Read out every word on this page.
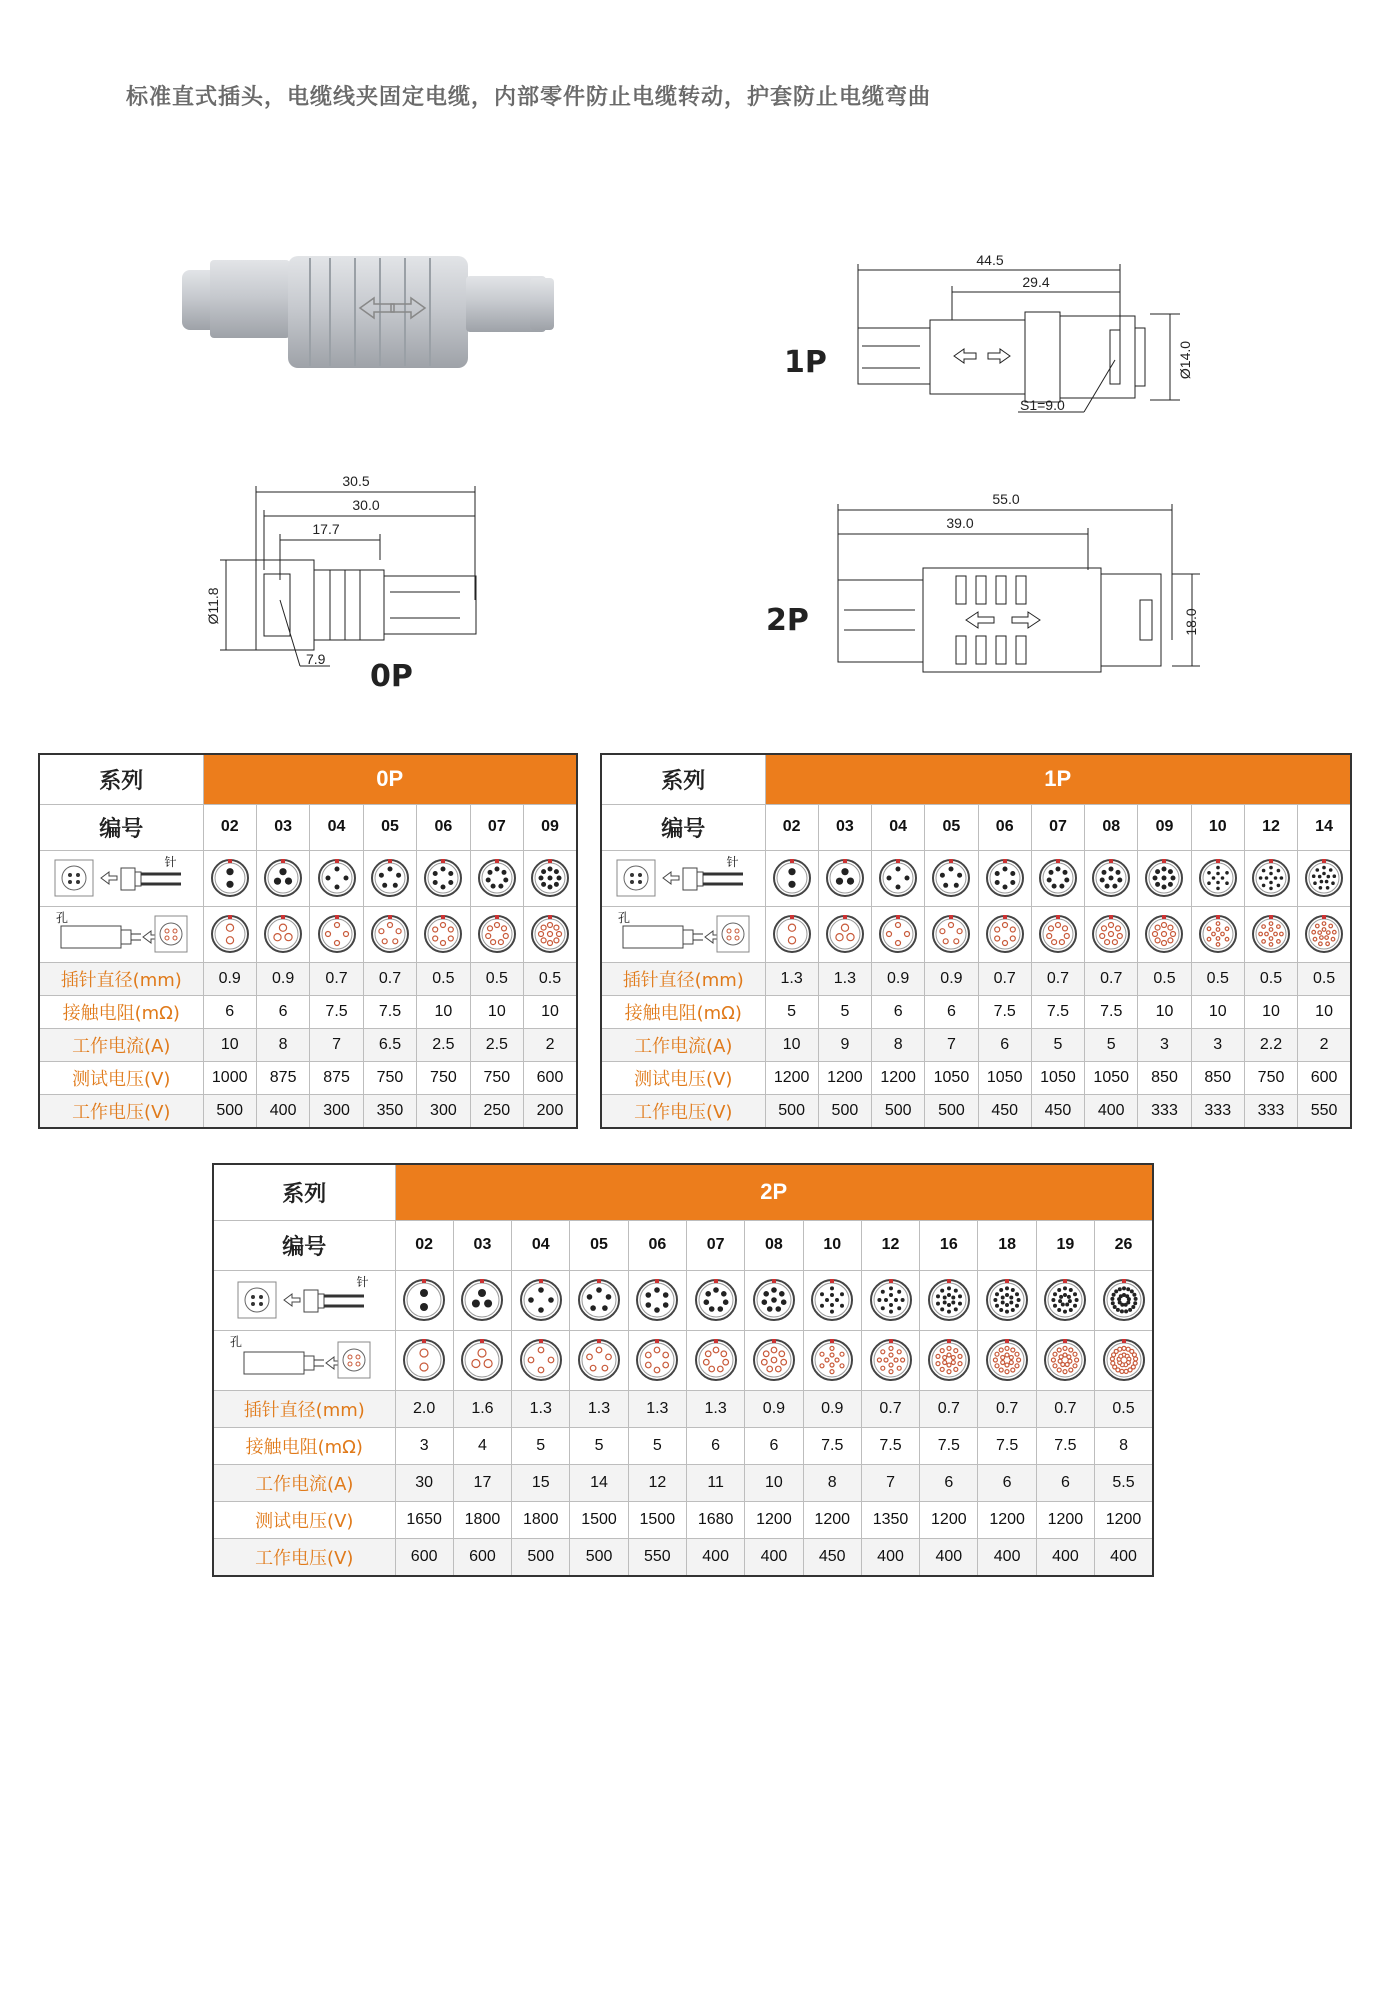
标准直式插头，电缆线夹固定电缆，内部零件防止电缆转动，护套防止电缆弯曲
44.5
29.4
Ø14.0
S1=9.0
1P
30.5
30.0
17.7
Ø11.8
7.9 0P
55.0
39.0
18.0
2P
系列	0P						
编号	02	03	04	05	06	07	09

针

孔

插针直径(mm)	0.9	0.9	0.7	0.7	0.5	0.5	0.5
接触电阻(mΩ)	6	6	7.5	7.5	10	10	10
工作电流(A)	10	8	7	6.5	2.5	2.5	2
测试电压(V)	1000	875	875	750	750	750	600
工作电压(V)	500	400	300	350	300	250	200
系列	1P										
编号	02	03	04	05	06	07	08	09	10	12	14

针

孔

插针直径(mm)	1.3	1.3	0.9	0.9	0.7	0.7	0.7	0.5	0.5	0.5	0.5
接触电阻(mΩ)	5	5	6	6	7.5	7.5	7.5	10	10	10	10
工作电流(A)	10	9	8	7	6	5	5	3	3	2.2	2
测试电压(V)	1200	1200	1200	1050	1050	1050	1050	850	850	750	600
工作电压(V)	500	500	500	500	450	450	400	333	333	333	550
系列	2P												
编号	02	03	04	05	06	07	08	10	12	16	18	19	26

针

孔

插针直径(mm)	2.0	1.6	1.3	1.3	1.3	1.3	0.9	0.9	0.7	0.7	0.7	0.7	0.5
接触电阻(mΩ)	3	4	5	5	5	6	6	7.5	7.5	7.5	7.5	7.5	8
工作电流(A)	30	17	15	14	12	11	10	8	7	6	6	6	5.5
测试电压(V)	1650	1800	1800	1500	1500	1680	1200	1200	1350	1200	1200	1200	1200
工作电压(V)	600	600	500	500	550	400	400	450	400	400	400	400	400
